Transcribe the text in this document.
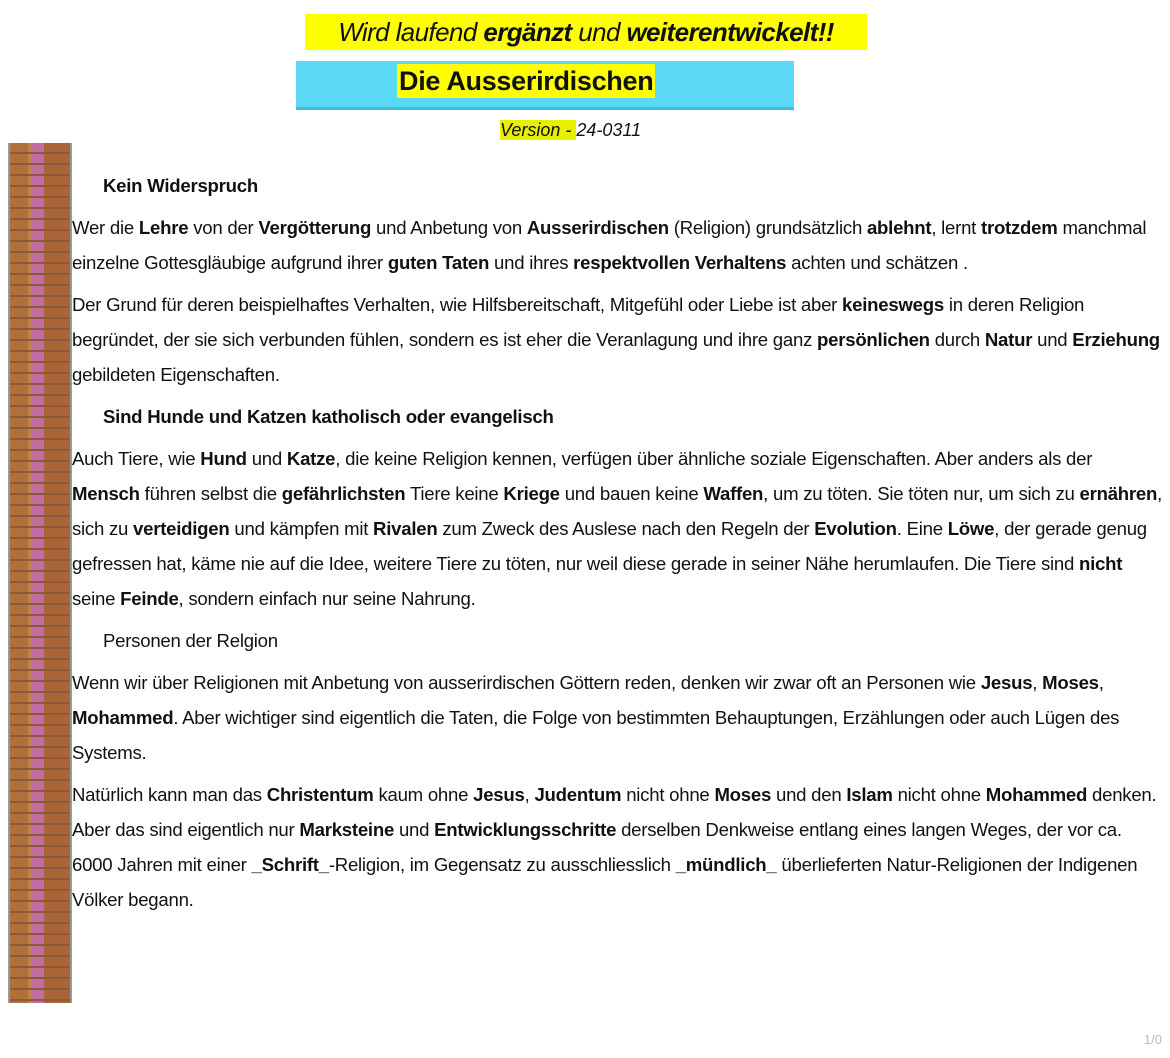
Wird laufend ergänzt und weiterentwickelt!!
Die Ausserirdischen
Version - 24-0311
Kein Widerspruch

Wer die Lehre von der Vergötterung und Anbetung von Ausserirdischen (Religion) grundsätzlich ablehnt, lernt trotzdem manchmal einzelne Gottesgläubige aufgrund ihrer guten Taten und ihres respektvollen Verhaltens achten und schätzen .

Der Grund für deren beispielhaftes Verhalten, wie Hilfsbereitschaft, Mitgefühl oder Liebe ist aber keineswegs in deren Religion begründet, der sie sich verbunden fühlen, sondern es ist eher die Veranlagung und ihre ganz persönlichen durch Natur und Erziehung gebildeten Eigenschaften.

Sind Hunde und Katzen katholisch oder evangelisch

Auch Tiere, wie Hund und Katze, die keine Religion kennen, verfügen über ähnliche soziale Eigenschaften. Aber anders als der Mensch führen selbst die gefährlichsten Tiere keine Kriege und bauen keine Waffen, um zu töten. Sie töten nur, um sich zu ernähren, sich zu verteidigen und kämpfen mit Rivalen zum Zweck des Auslese nach den Regeln der Evolution. Eine Löwe, der gerade genug gefressen hat, käme nie auf die Idee, weitere Tiere zu töten, nur weil diese gerade in seiner Nähe herumlaufen. Die Tiere sind nicht seine Feinde, sondern einfach nur seine Nahrung.

Personen der Relgion

Wenn wir über Religionen mit Anbetung von ausserirdischen Göttern reden, denken wir zwar oft an Personen wie Jesus, Moses, Mohammed. Aber wichtiger sind eigentlich die Taten, die Folge von bestimmten Behauptungen, Erzählungen oder auch Lügen des Systems.

Natürlich kann man das Christentum kaum ohne Jesus, Judentum nicht ohne Moses und den Islam nicht ohne Mohammed denken. Aber das sind eigentlich nur Marksteine und Entwicklungsschritte derselben Denkweise entlang eines langen Weges, der vor ca. 6000 Jahren mit einer _Schrift_-Religion, im Gegensatz zu ausschliesslich _mündlich_ überlieferten Natur-Religionen der Indigenen Völker begann.

1/0
